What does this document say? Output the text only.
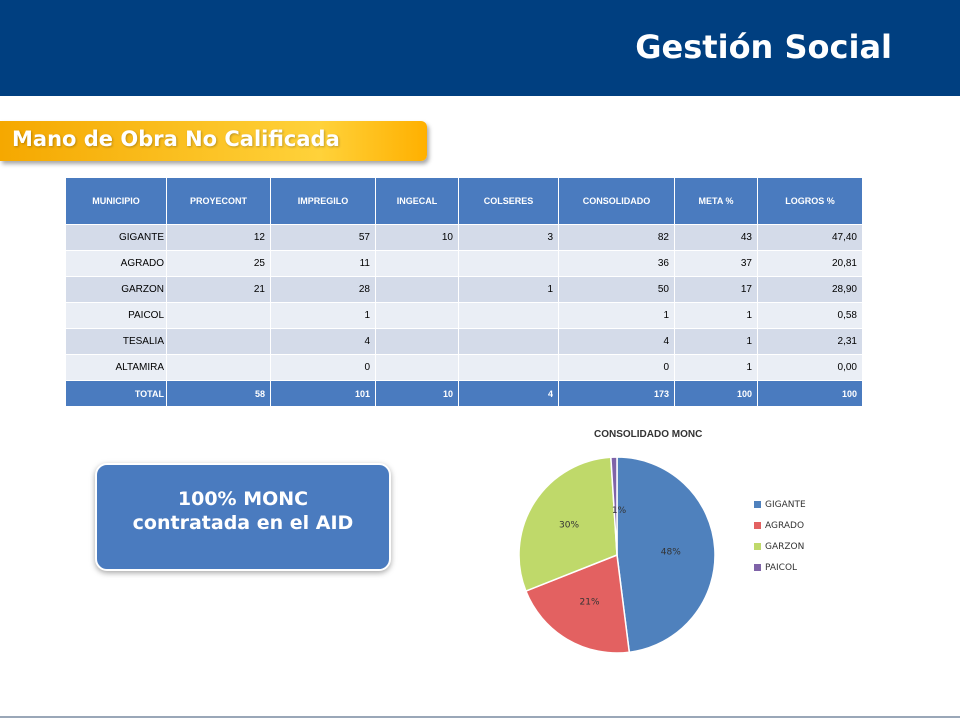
Gestión Social
Mano de Obra No Calificada
MUNICIPIO	PROYECONT	IMPREGILO	INGECAL	COLSERES	CONSOLIDADO	META %	LOGROS %
GIGANTE	12	57	10	3	82	43	47,40
AGRADO	25	11			36	37	20,81
GARZON	21	28		1	50	17	28,90
PAICOL		1			1	1	0,58
TESALIA		4			4	1	2,31
ALTAMIRA		0			0	1	0,00
TOTAL	58	101	10	4	173	100	100
100% MONC
contratada en el AID
CONSOLIDADO MONC
48%
21%
30%
1%
GIGANTE
AGRADO
GARZON
PAICOL
